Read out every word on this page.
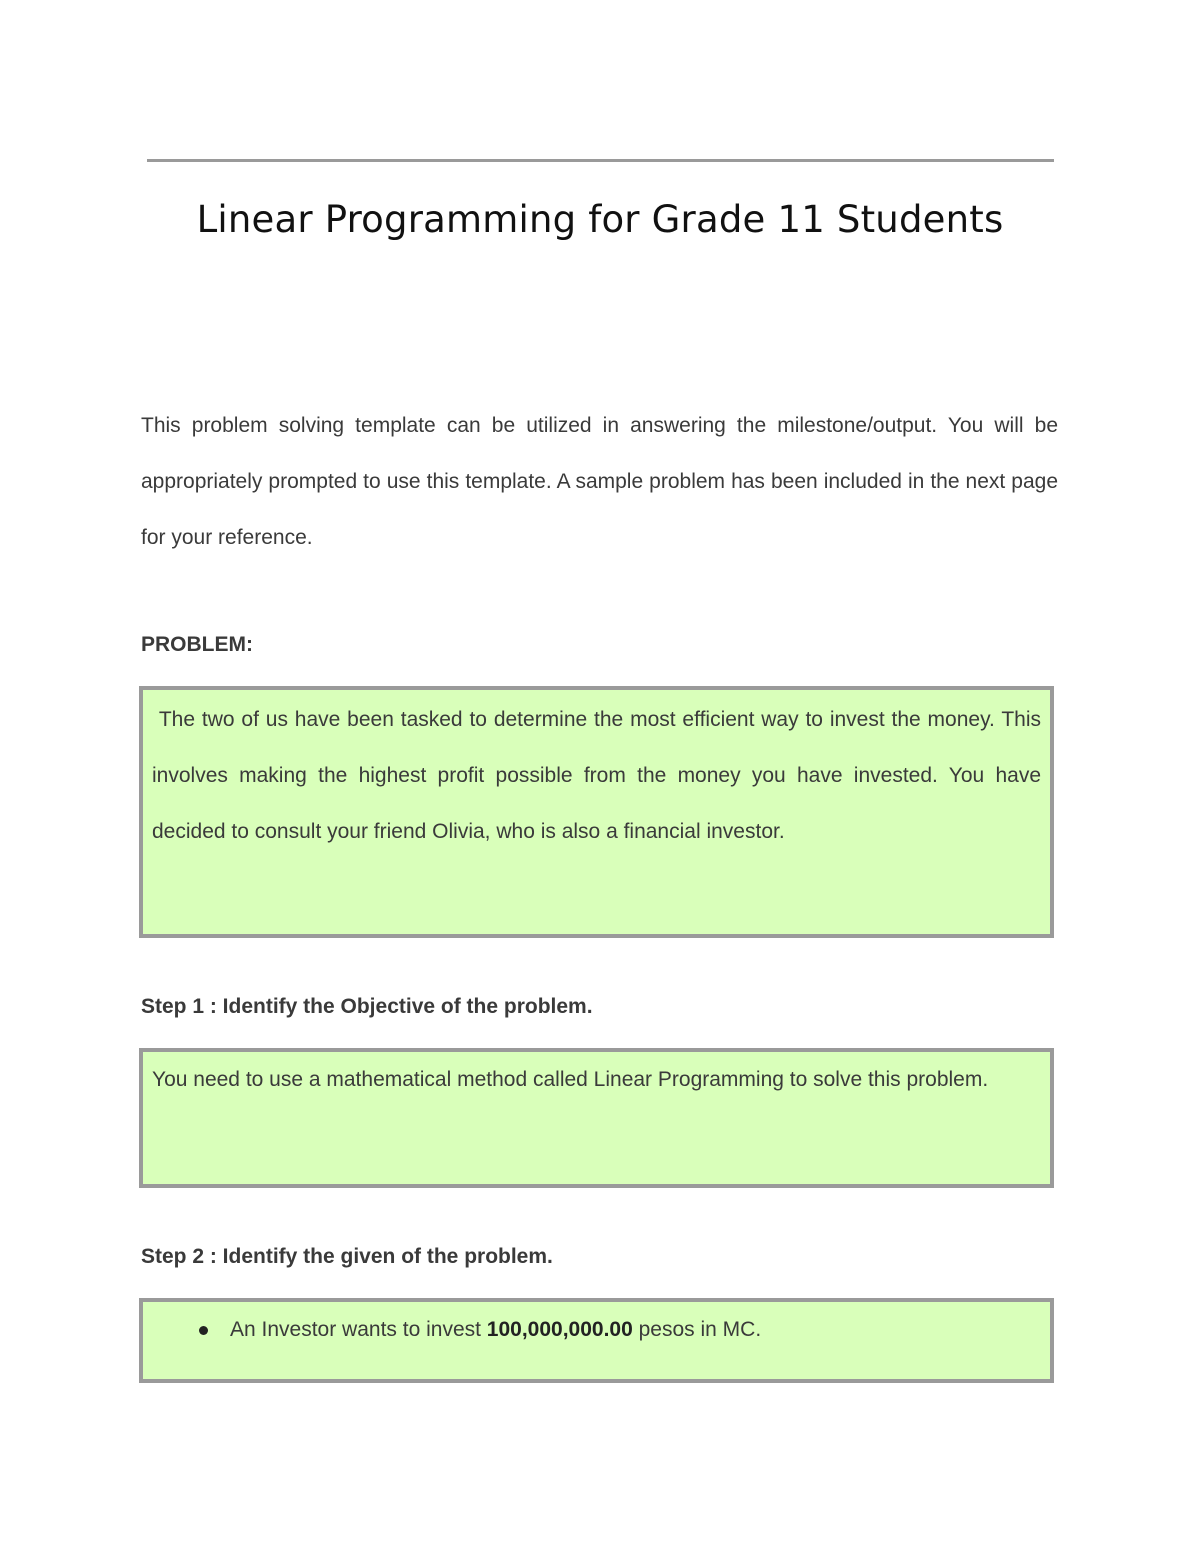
Linear Programming for Grade 11 Students

This problem solving template can be utilized in answering the milestone/output. You will be appropriately prompted to use this template. A sample problem has been included in the next page for your reference.

PROBLEM:

The two of us have been tasked to determine the most efficient way to invest the money. This involves making the highest profit possible from the money you have invested. You have decided to consult your friend Olivia, who is also a financial investor.

Step 1 : Identify the Objective of the problem.

You need to use a mathematical method called Linear Programming to solve this problem.

Step 2 : Identify the given of the problem.

An Investor wants to invest 100,000,000.00 pesos in MC.
